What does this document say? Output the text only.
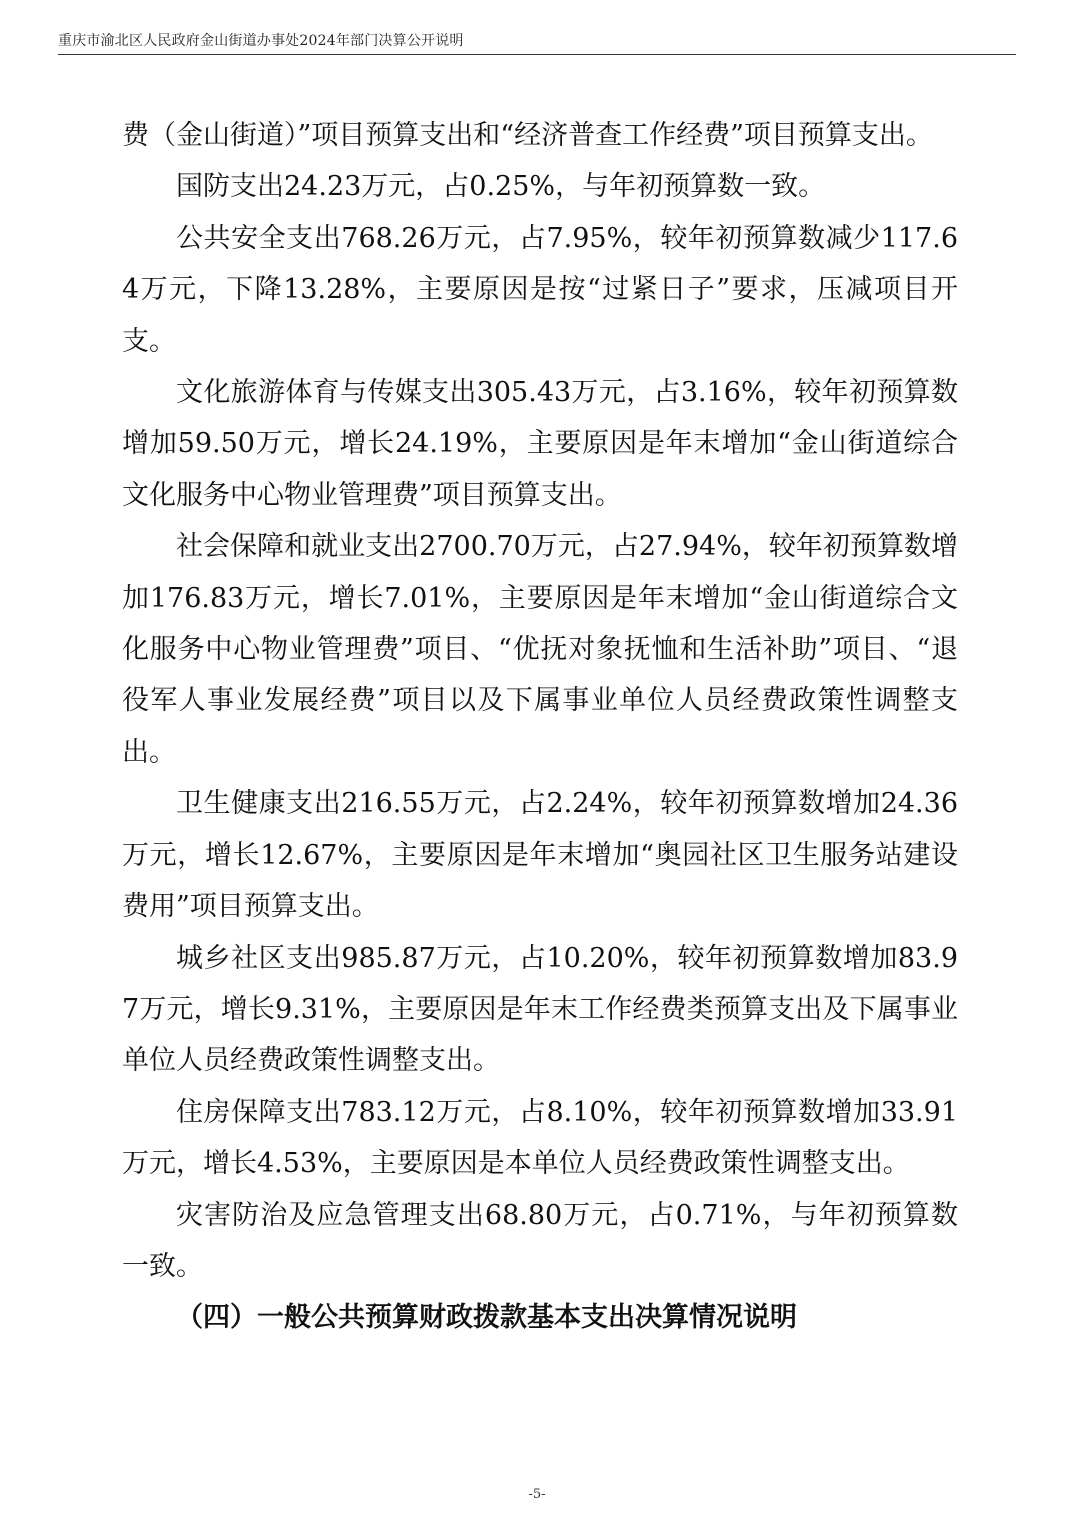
重庆市渝北区人民政府金山街道办事处2024年部门决算公开说明

费（金山街道）”项目预算支出和“经济普查工作经费”项目预算支出。

国防支出24.23万元，占0.25%，与年初预算数一致。

公共安全支出768.26万元，占7.95%，较年初预算数减少117.64万元，下降13.28%，主要原因是按“过紧日子”要求，压减项目开支。

文化旅游体育与传媒支出305.43万元，占3.16%，较年初预算数增加59.50万元，增长24.19%，主要原因是年末增加“金山街道综合文化服务中心物业管理费”项目预算支出。

社会保障和就业支出2700.70万元，占27.94%，较年初预算数增加176.83万元，增长7.01%，主要原因是年末增加“金山街道综合文化服务中心物业管理费”项目、“优抚对象抚恤和生活补助”项目、“退役军人事业发展经费”项目以及下属事业单位人员经费政策性调整支出。

卫生健康支出216.55万元，占2.24%，较年初预算数增加24.36万元，增长12.67%，主要原因是年末增加“奥园社区卫生服务站建设费用”项目预算支出。

城乡社区支出985.87万元，占10.20%，较年初预算数增加83.97万元，增长9.31%，主要原因是年末工作经费类预算支出及下属事业单位人员经费政策性调整支出。

住房保障支出783.12万元，占8.10%，较年初预算数增加33.91万元，增长4.53%，主要原因是本单位人员经费政策性调整支出。

灾害防治及应急管理支出68.80万元，占0.71%，与年初预算数一致。

（四）一般公共预算财政拨款基本支出决算情况说明

-5-
